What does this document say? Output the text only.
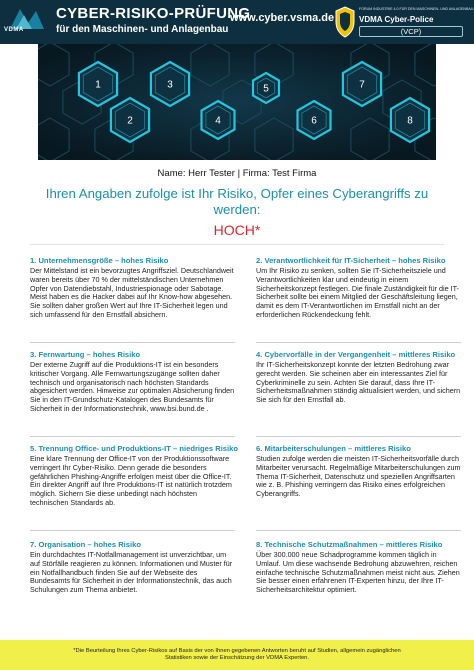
VDMA
CYBER-RISIKO-PRÜFUNG
für den Maschinen- und Anlagenbau
www.cyber.vsma.de
FORUM INDUSTRIE 4.0 FÜR DEN MASCHINEN- UND ANLAGENBAU
VDMA Cyber-Police
(VCP)
1
2
3
4
5
6
7
8
Name: Herr Tester | Firma: Test Firma
Ihren Angaben zufolge ist Ihr Risiko, Opfer eines Cyberangriffs zu werden:
HOCH*
1. Unternehmensgröße – hohes Risiko
Der Mittelstand ist ein bevorzugtes Angriffsziel. Deutschlandweit waren bereits über 70 % der mittelständischen Unternehmen Opfer von Datendiebstahl, Industriespionage oder Sabotage. Meist haben es die Hacker dabei auf Ihr Know-how abgesehen. Sie sollten daher großen Wert auf Ihre IT-Sicherheit legen und sich umfassend für den Ernstfall absichern.
2. Verantwortlichkeit für IT-Sicherheit – hohes Risiko
Um Ihr Risiko zu senken, sollten Sie IT-Sicherheitsziele und Verantwortlichkeiten klar und eindeutig in einem Sicherheitskonzept festlegen. Die finale Zuständigkeit für die IT-Sicherheit sollte bei einem Mitglied der Geschäftsleitung liegen, damit es dem IT-Verantwortlichen im Ernstfall nicht an der erforderlichen Rückendeckung fehlt.
3. Fernwartung – hohes Risiko
Der externe Zugriff auf die Produktions-IT ist ein besonders kritischer Vorgang. Alle Fernwartungszugänge sollten daher technisch und organisatorisch nach höchsten Standards abgesichert werden. Hinweise zur optimalen Absicherung finden Sie in den IT-Grundschutz-Katalogen des Bundesamts für Sicherheit in der Informationstechnik, www.bsi.bund.de .
4. Cybervorfälle in der Vergangenheit – mittleres Risiko
Ihr IT-Sicherheitskonzept konnte der letzten Bedrohung zwar gerecht werden. Sie scheinen aber ein interessantes Ziel für Cyberkriminelle zu sein. Achten Sie darauf, dass Ihre IT-Sicherheitsmaßnahmen ständig aktualisiert werden, und sichern Sie sich für den Ernstfall ab.
5. Trennung Office- und Produktions-IT – niedriges Risiko
Eine klare Trennung der Office-IT von der Produktionssoftware verringert Ihr Cyber-Risiko. Denn gerade die besonders gefährlichen Phishing-Angriffe erfolgen meist über die Office-IT. Ein direkter Angriff auf Ihre Produktions-IT ist natürlich trotzdem möglich. Sichern Sie diese unbedingt nach höchsten technischen Standards ab.
6. Mitarbeiterschulungen – mittleres Risiko
Studien zufolge werden die meisten IT-Sicherheitsvorfälle durch Mitarbeiter verursacht. Regelmäßige Mitarbeiterschulungen zum Thema IT-Sicherheit, Datenschutz und speziellen Angriffsarten wie z. B. Phishing verringern das Risiko eines erfolgreichen Cyberangriffs.
7. Organisation – hohes Risiko
Ein durchdachtes IT-Notfallmanagement ist unverzichtbar, um auf Störfälle reagieren zu können. Informationen und Muster für ein Notfallhandbuch finden Sie auf der Webseite des Bundesamts für Sicherheit in der Informationstechnik, das auch Schulungen zum Thema anbietet.
8. Technische Schutzmaßnahmen – mittleres Risiko
Über 300.000 neue Schadprogramme kommen täglich in Umlauf. Um diese wachsende Bedrohung abzuwehren, reichen einfache technische Schutzmaßnahmen meist nicht aus. Ziehen Sie besser einen erfahrenen IT-Experten hinzu, der Ihre IT-Sicherheitsarchitektur optimiert.
*Die Beurteilung Ihres Cyber-Risikos auf Basis der von Ihnen gegebenen Antworten beruht auf Studien, allgemein zugänglichen
Statistiken sowie der Einschätzung der VDMA Experten.
